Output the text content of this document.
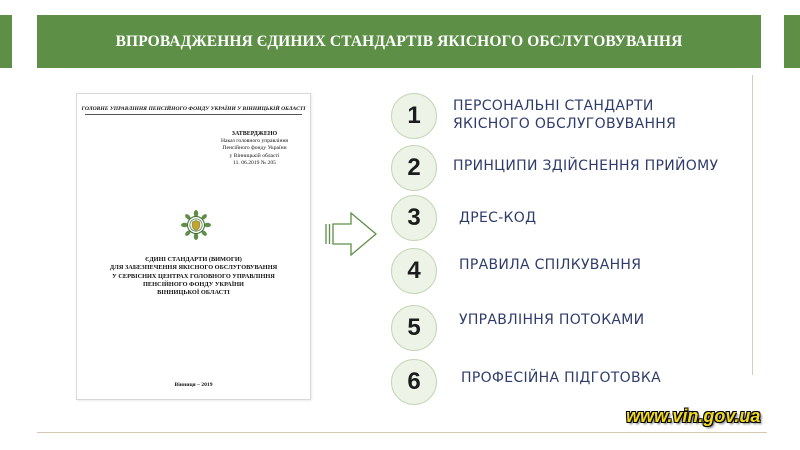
ВПРОВАДЖЕННЯ ЄДИНИХ СТАНДАРТІВ ЯКІСНОГО ОБСЛУГОВУВАННЯ
ГОЛОВНЕ УПРАВЛІННЯ ПЕНСІЙНОГО ФОНДУ УКРАЇНИ У ВІННИЦЬКІЙ ОБЛАСТІ
ЗАТВЕРДЖЕНО
Наказ головного управління
Пенсійного фонду України
у Вінницькій області
11. 06.2019 № 205
ЄДИНІ СТАНДАРТИ (ВИМОГИ)
ДЛЯ ЗАБЕЗПЕЧЕННЯ ЯКІСНОГО ОБСЛУГОВУВАННЯ
У СЕРВІСНИХ ЦЕНТРАХ ГОЛОВНОГО УПРАВЛІННЯ
ПЕНСІЙНОГО ФОНДУ УКРАЇНИ
ВІННИЦЬКОЇ ОБЛАСТІ
Вінниця – 2019
1	ПЕРСОНАЛЬНІ СТАНДАРТИ
ЯКІСНОГО ОБСЛУГОВУВАННЯ
2	ПРИНЦИПИ ЗДІЙСНЕННЯ ПРИЙОМУ
3	ДРЕС-КОД
4	ПРАВИЛА СПІЛКУВАННЯ
5	УПРАВЛІННЯ ПОТОКАМИ
6	ПРОФЕСІЙНА ПІДГОТОВКА
www.vin.gov.ua
